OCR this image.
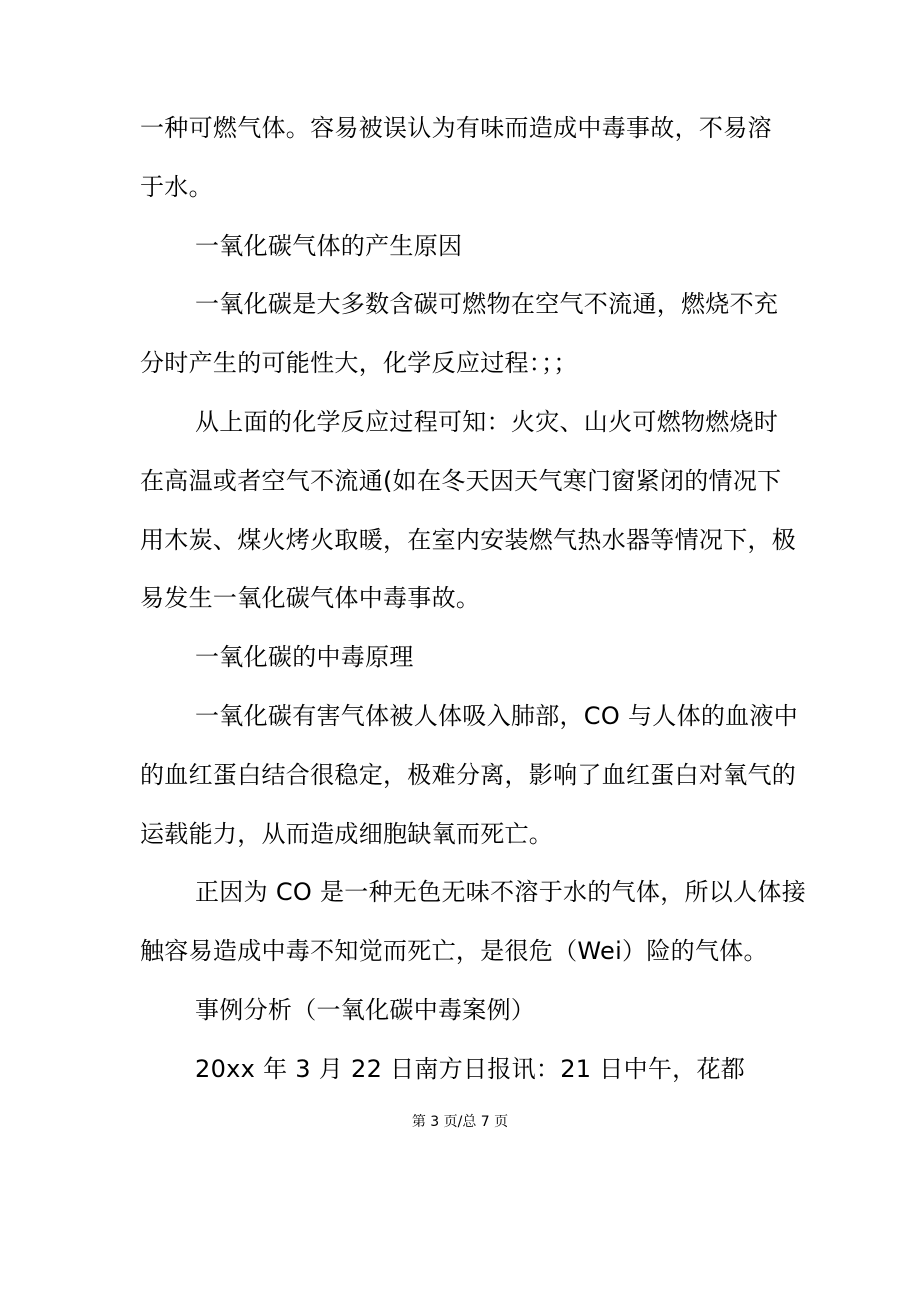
一种可燃气体。容易被误认为有味而造成中毒事故，不易溶
于水。
一氧化碳气体的产生原因
一氧化碳是大多数含碳可燃物在空气不流通，燃烧不充
分时产生的可能性大，化学反应过程：；；
从上面的化学反应过程可知：火灾、山火可燃物燃烧时
在高温或者空气不流通(如在冬天因天气寒门窗紧闭的情况下
用木炭、煤火烤火取暖，在室内安装燃气热水器等情况下，极
易发生一氧化碳气体中毒事故。
一氧化碳的中毒原理
一氧化碳有害气体被人体吸入肺部，CO 与人体的血液中
的血红蛋白结合很稳定，极难分离，影响了血红蛋白对氧气的
运载能力，从而造成细胞缺氧而死亡。
正因为 CO 是一种无色无味不溶于水的气体，所以人体接
触容易造成中毒不知觉而死亡，是很危（Wei）险的气体。
事例分析（一氧化碳中毒案例）
20xx 年 3 月 22 日南方日报讯：21 日中午，花都
第 3 页/总 7 页
